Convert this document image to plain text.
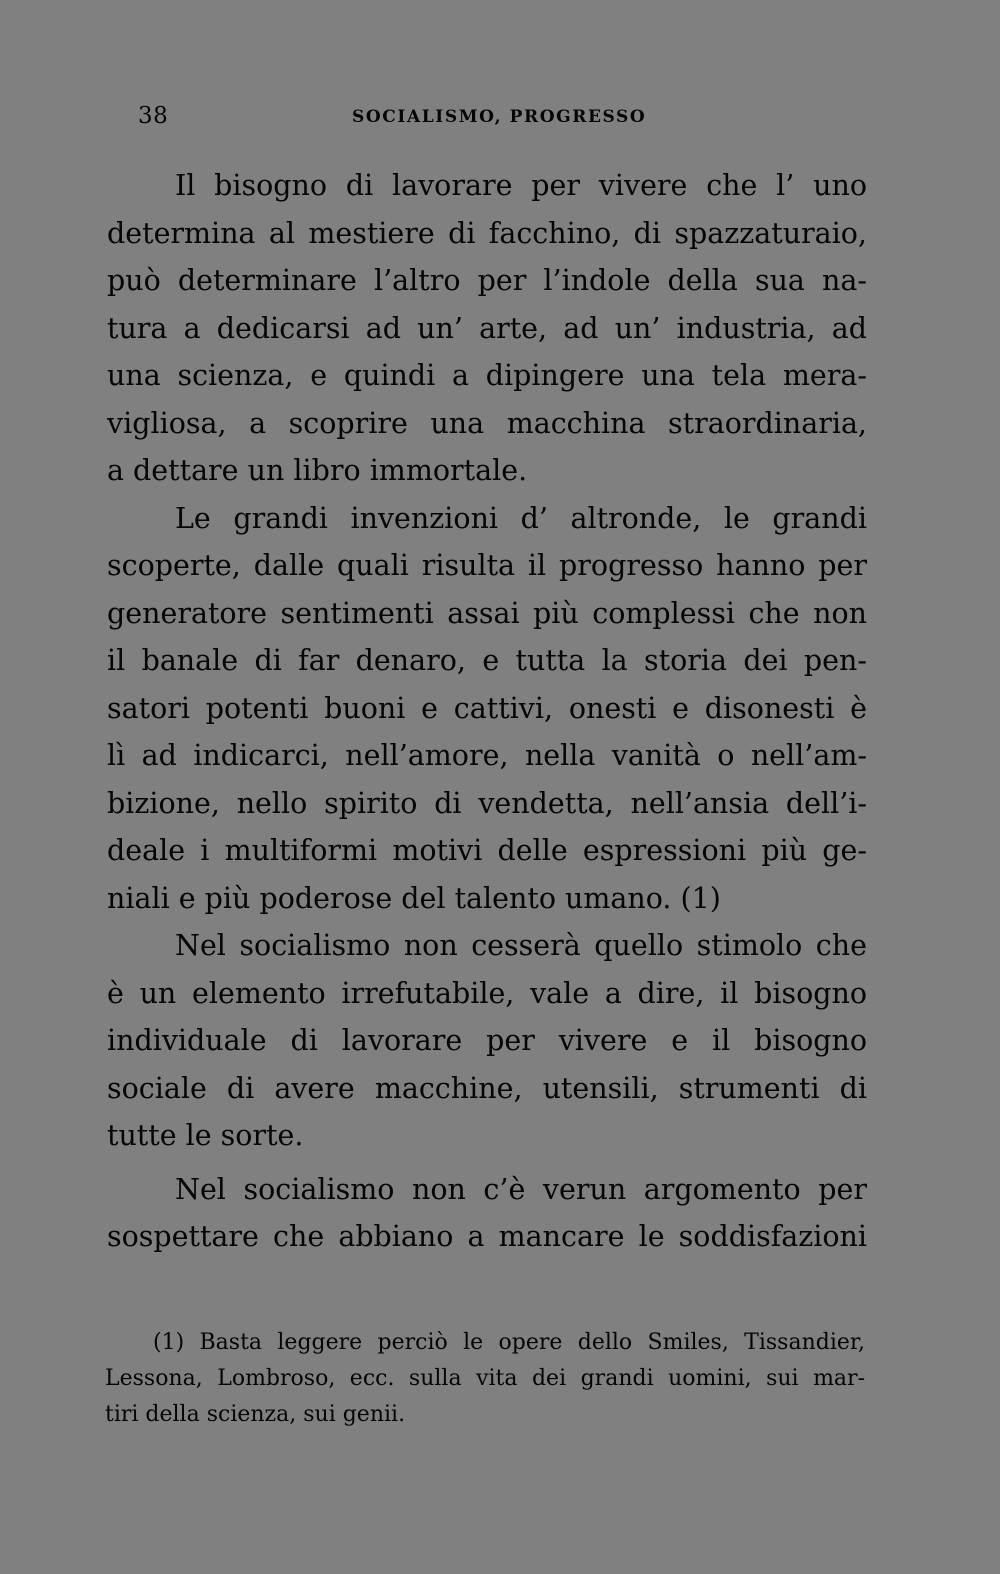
38	SOCIALISMO, PROGRESSO
Il bisogno di lavorare per vivere che l’ uno
determina al mestiere di facchino, di spazzaturaio,
può determinare l’altro per l’indole della sua na-
tura a dedicarsi ad un’ arte, ad un’ industria, ad
una scienza, e quindi a dipingere una tela mera-
vigliosa, a scoprire una macchina straordinaria,
a dettare un libro immortale.
Le grandi invenzioni d’ altronde, le grandi
scoperte, dalle quali risulta il progresso hanno per
generatore sentimenti assai più complessi che non
il banale di far denaro, e tutta la storia dei pen-
satori potenti buoni e cattivi, onesti e disonesti è
lì ad indicarci, nell’amore, nella vanità o nell’am-
bizione, nello spirito di vendetta, nell’ansia dell’i-
deale i multiformi motivi delle espressioni più ge-
niali e più poderose del talento umano. (1)
Nel socialismo non cesserà quello stimolo che
è un elemento irrefutabile, vale a dire, il bisogno
individuale di lavorare per vivere e il bisogno
sociale di avere macchine, utensili, strumenti di
tutte le sorte.
Nel socialismo non c’è verun argomento per
sospettare che abbiano a mancare le soddisfazioni
(1) Basta leggere perciò le opere dello Smiles, Tissandier,
Lessona, Lombroso, ecc. sulla vita dei grandi uomini, sui mar-
tiri della scienza, sui genii.
